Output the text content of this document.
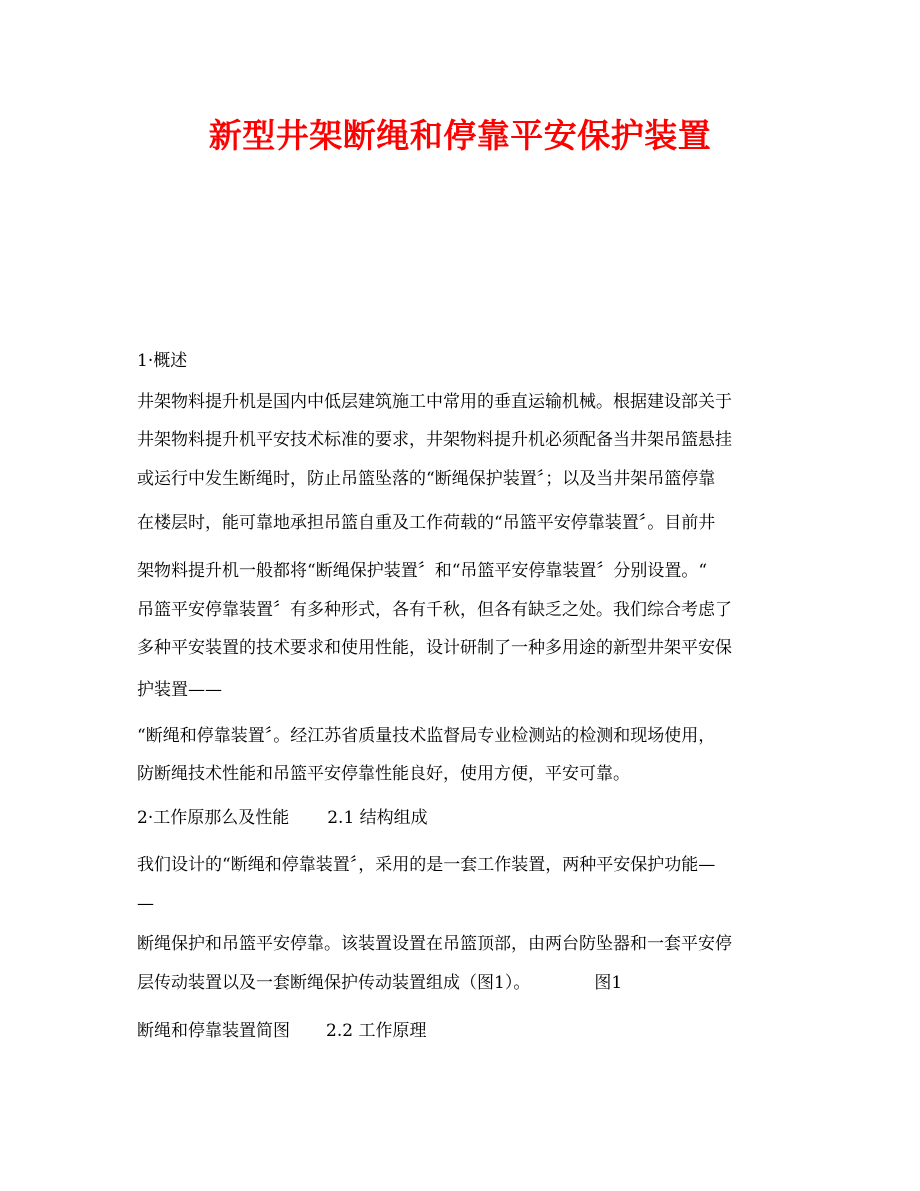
新型井架断绳和停靠平安保护装置

1·概述

井架物料提升机是国内中低层建筑施工中常用的垂直运输机械。根据建设部关于

井架物料提升机平安技术标准的要求，井架物料提升机必须配备当井架吊篮悬挂

或运行中发生断绳时，防止吊篮坠落的“断绳保护装置〞；以及当井架吊篮停靠

在楼层时，能可靠地承担吊篮自重及工作荷载的“吊篮平安停靠装置〞。目前井

架物料提升机一般都将“断绳保护装置〞和“吊篮平安停靠装置〞分别设置。“

吊篮平安停靠装置〞有多种形式，各有千秋，但各有缺乏之处。我们综合考虑了

多种平安装置的技术要求和使用性能，设计研制了一种多用途的新型井架平安保

护装置——

“断绳和停靠装置〞。经江苏省质量技术监督局专业检测站的检测和现场使用，

防断绳技术性能和吊篮平安停靠性能良好，使用方便，平安可靠。

2·工作原那么及性能 2.1 结构组成

我们设计的“断绳和停靠装置〞，采用的是一套工作装置，两种平安保护功能—

—

断绳保护和吊篮平安停靠。该装置设置在吊篮顶部，由两台防坠器和一套平安停

层传动装置以及一套断绳保护传动装置组成（图1）。	图1

断绳和停靠装置简图 2.2 工作原理
